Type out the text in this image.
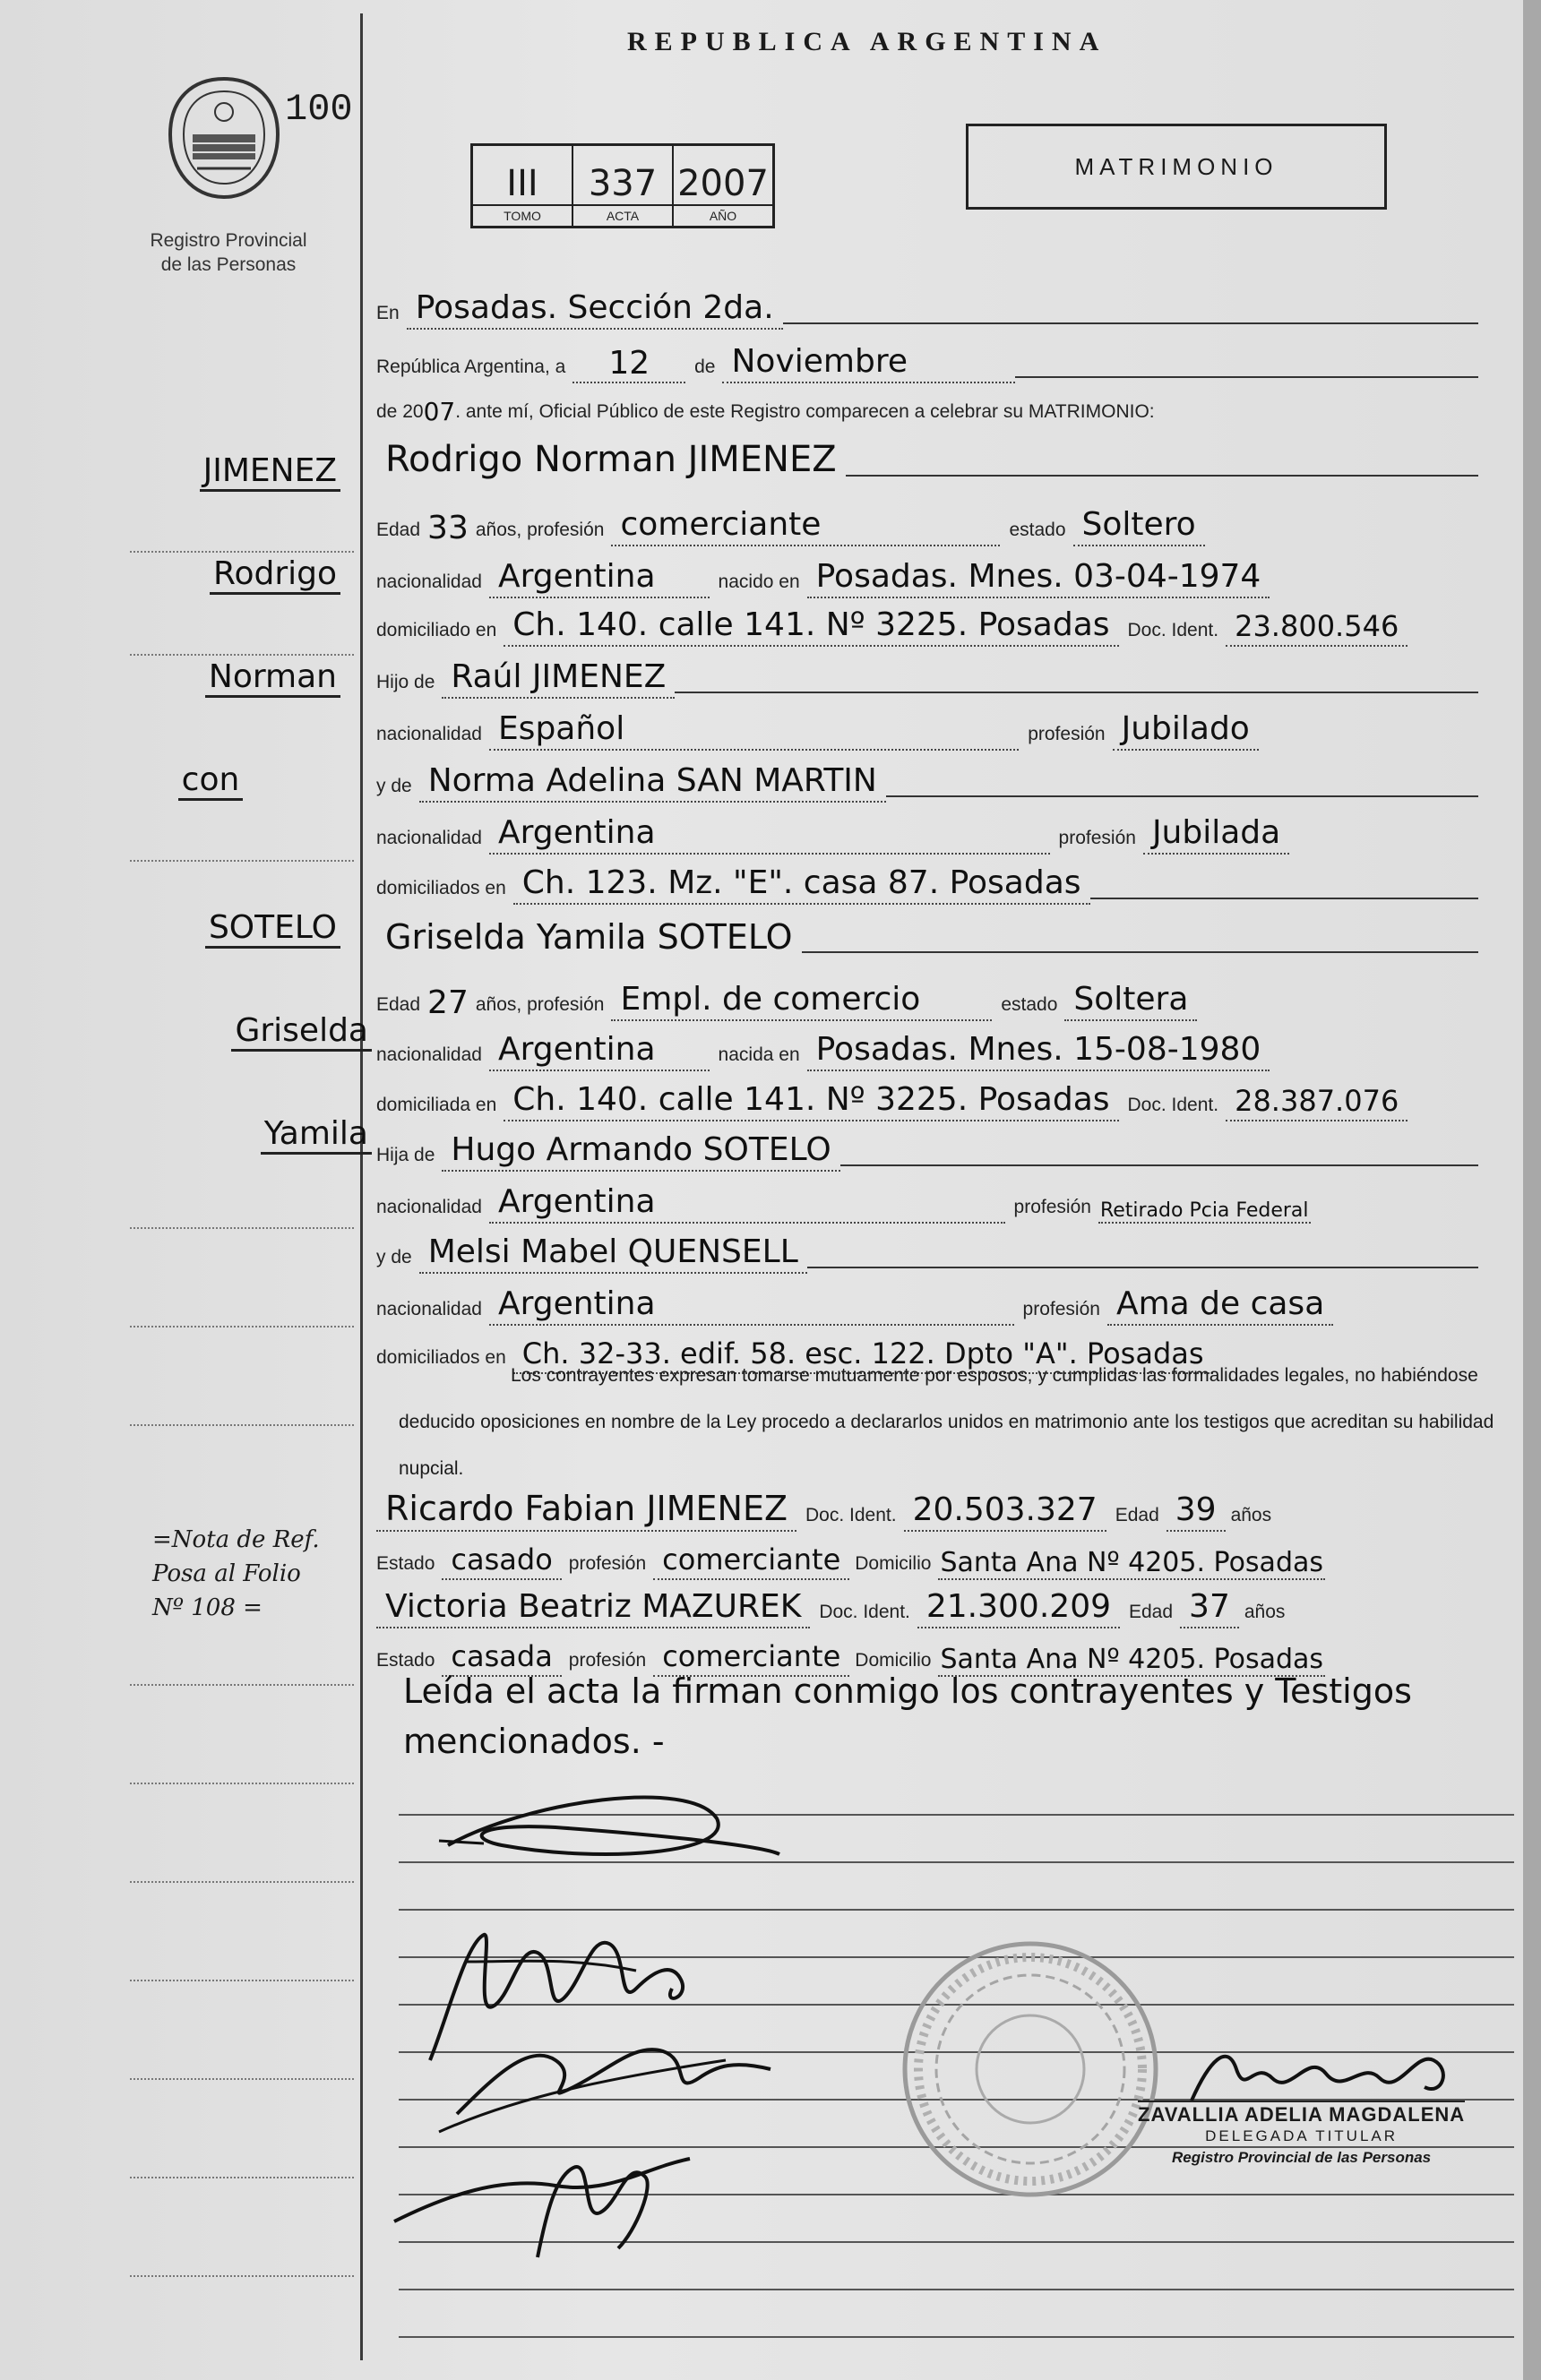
REPUBLICA ARGENTINA
100
Registro Provincial
de las Personas
III	337	2007
TOMO	ACTA	AÑO
MATRIMONIO
En Posadas. Sección 2da.
República Argentina, a	12	de Noviembre
de 20 07 . ante mí, Oficial Público de este Registro comparecen a celebrar su MATRIMONIO:
Rodrigo Norman JIMENEZ
Edad 33 años, profesión comerciante	estado Soltero
nacionalidad Argentina	nacido en Posadas. Mnes. 03-04-1974
domiciliado en Ch. 140. calle 141. Nº 3225. Posadas Doc. Ident. 23.800.546
Hijo de Raúl JIMENEZ
nacionalidad Español	profesión Jubilado
y de Norma Adelina SAN MARTIN
nacionalidad Argentina	profesión Jubilada
domiciliados en Ch. 123. Mz. "E". casa 87. Posadas
Griselda Yamila SOTELO
Edad 27 años, profesión Empl. de comercio	estado Soltera
nacionalidad Argentina	nacida en Posadas. Mnes. 15-08-1980
domiciliada en Ch. 140. calle 141. Nº 3225. Posadas Doc. Ident. 28.387.076
Hija de Hugo Armando SOTELO
nacionalidad Argentina	profesión Retirado Pcia Federal
y de Melsi Mabel QUENSELL
nacionalidad Argentina	profesión Ama de casa
domiciliados en Ch. 32-33. edif. 58. esc. 122. Dpto "A". Posadas
Los contrayentes expresan tomarse mutuamente por esposos, y cumplidas las formalidades legales, no habiéndose deducido oposiciones en nombre de la Ley procedo a declararlos unidos en matrimonio ante los testigos que acreditan su habilidad nupcial.
Ricardo Fabian JIMENEZ Doc. Ident. 20.503.327 Edad 39 años
Estado casado profesión comerciante Domicilio Santa Ana Nº 4205. Posadas
Victoria Beatriz MAZUREK Doc. Ident. 21.300.209 Edad 37 años
Estado casada profesión comerciante Domicilio Santa Ana Nº 4205. Posadas
Leída el acta la firman conmigo los contrayentes y Testigos mencionados. -
JIMENEZ
Rodrigo
Norman
con
SOTELO
Griselda
Yamila
=Nota de Ref.
Posa al Folio
Nº 108 =
ZAVALLIA ADELIA MAGDALENA
DELEGADA TITULAR
Registro Provincial de las Personas
